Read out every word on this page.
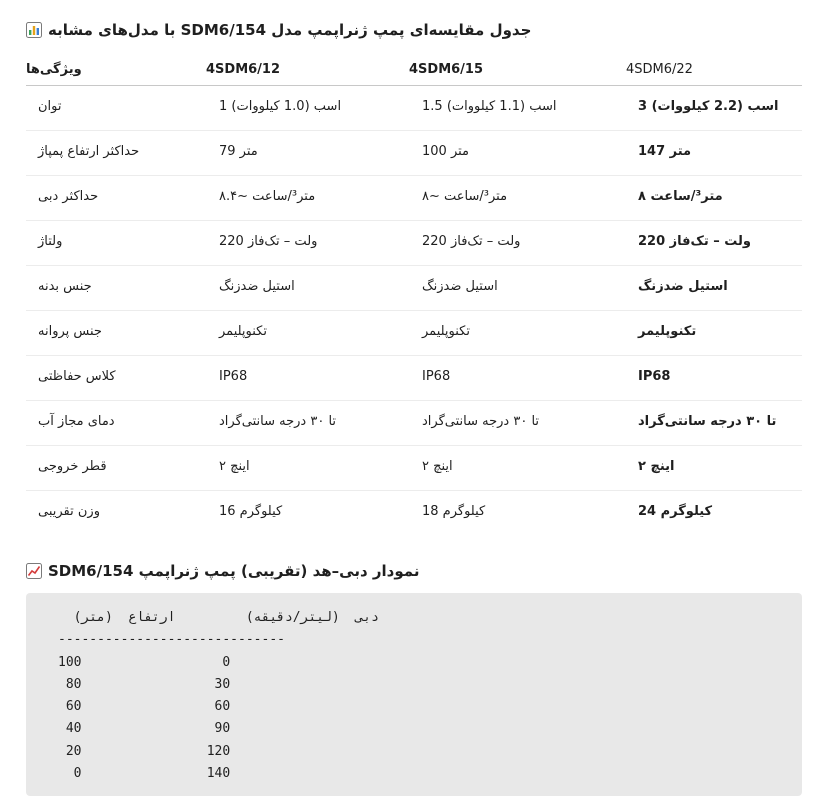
با مدل‌های مشابه SDM6/15جدول مقایسه‌ای پمپ ژنراپمپ مدل 4
ویژگی‌ها	4SDM6/12	4SDM6/15	4SDM6/22
توان	اسب (1.0 کیلووات) 1	اسب (1.1 کیلووات) 1.5	اسب (2.2 کیلووات) 3
حداکثر ارتفاع پمپاژ	متر 79	متر 100	متر 147
حداکثر دبی	متر³/ساعت ~۸.۴	متر³/ساعت ~۸	متر³/ساعت ۸
ولتاژ	ولت – تک‌فاز 220	ولت – تک‌فاز 220	ولت – تک‌فاز 220
جنس بدنه	استیل ضدزنگ	استیل ضدزنگ	استیل ضدزنگ
جنس پروانه	تکنوپلیمر	تکنوپلیمر	تکنوپلیمر
کلاس حفاظتی	IP68	IP68	IP68
دمای مجاز آب	تا ۳۰ درجه سانتی‌گراد	تا ۳۰ درجه سانتی‌گراد	تا ۳۰ درجه سانتی‌گراد
قطر خروجی	اینچ ۲	اینچ ۲	اینچ ۲
وزن تقریبی	کیلوگرم 16	کیلوگرم 18	کیلوگرم 24
SDM6/15نمودار دبی–هد (تقریبی) پمپ ژنراپمپ 4
دبی  (لیتر/دقیقه)         ارتفاع  (متر)
-----------------------------
100                  0
80                 30
60                 60
40                 90
20                120
0                140
